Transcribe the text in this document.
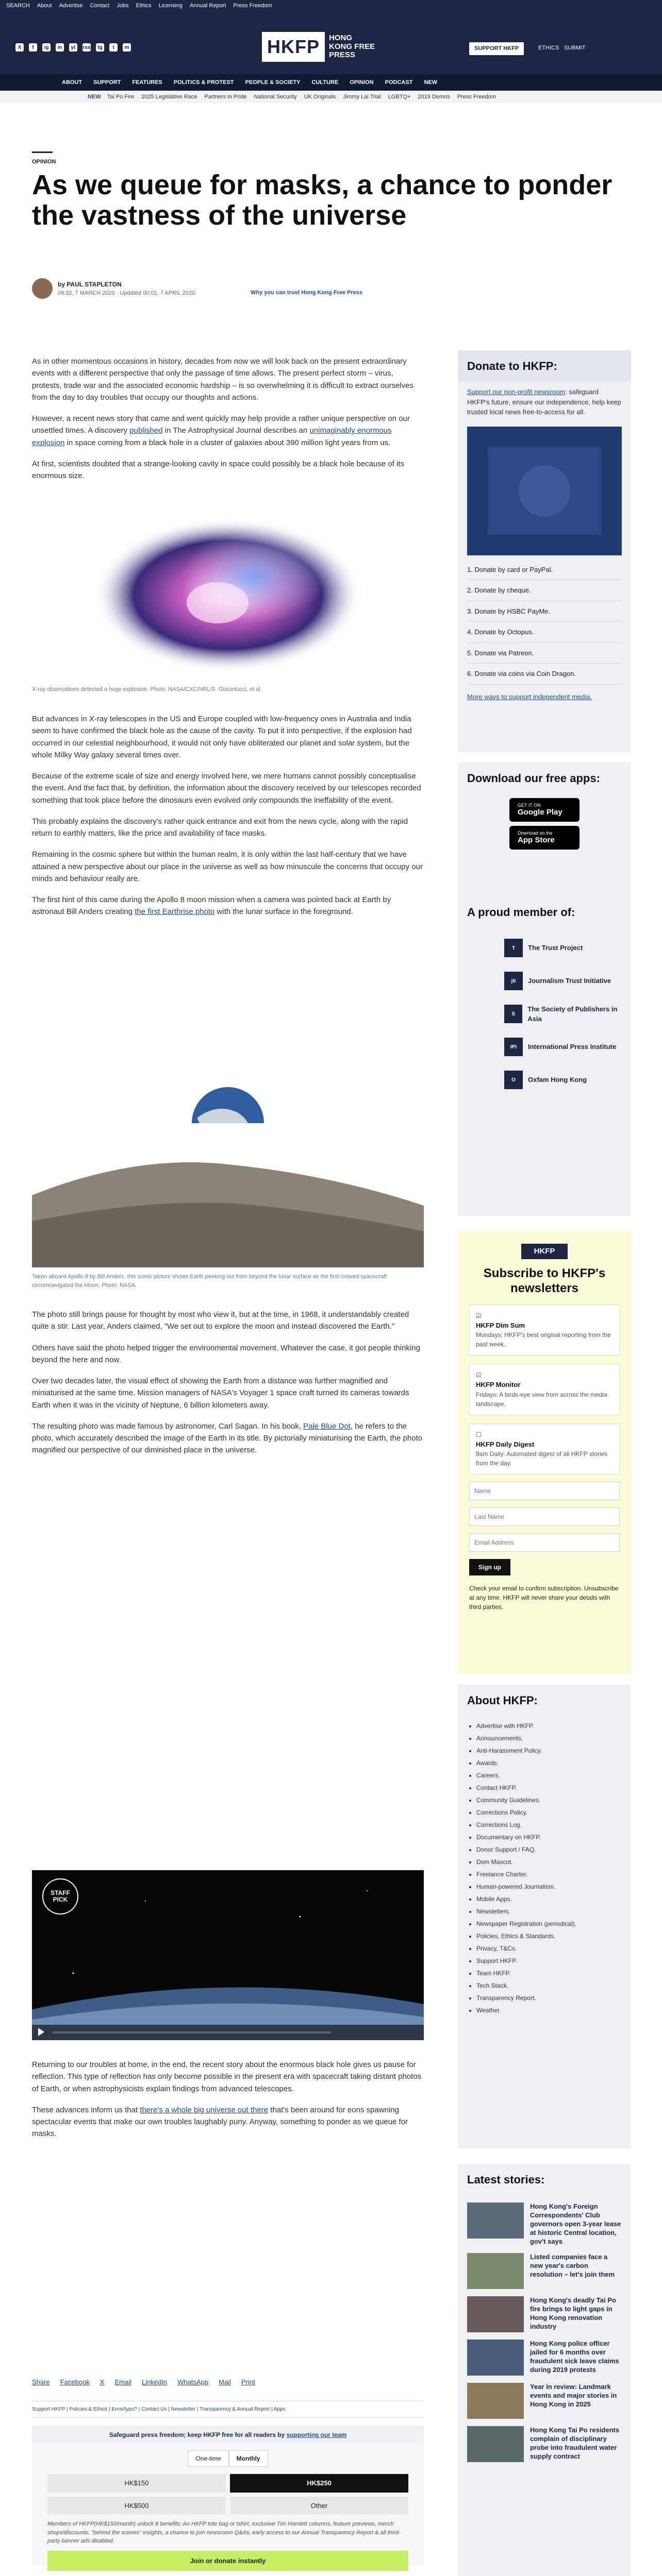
SEARCH About Advertise Contact Jobs Ethics Licensing Annual Report Press Freedom
X	f	ig	in	yt	rss	tg	t	m	HKFP	HONG KONG FREE PRESS
SUPPORT HKFP	ETHICS SUBMIT
ABOUT SUPPORT FEATURES POLITICS & PROTEST PEOPLE & SOCIETY CULTURE OPINION PODCAST NEW
NEW Tai Po Fire 2025 Legislative Race Partners in Pride National Security UK Originals Jimmy Lai Trial LGBTQ+ 2019 Demos Press Freedom
OPINION
As we queue for masks, a chance to ponder the vastness of the universe
by PAUL STAPLETON
09:32, 7 MARCH 2020 · Updated 00:02, 7 APRIL 2020	Why you can trust Hong Kong Free Press

As in other momentous occasions in history, decades from now we will look back on the present extraordinary events with a different perspective that only the passage of time allows. The present perfect storm – virus, protests, trade war and the associated economic hardship – is so overwhelming it is difficult to extract ourselves from the day to day troubles that occupy our thoughts and actions.

However, a recent news story that came and went quickly may help provide a rather unique perspective on our unsettled times. A discovery published in The Astrophysical Journal describes an unimaginably enormous explosion in space coming from a black hole in a cluster of galaxies about 390 million light years from us.

At first, scientists doubted that a strange-looking cavity in space could possibly be a black hole because of its enormous size.

X-ray observations detected a huge explosion. Photo: NASA/CXC/NRL/S. Giacintucci, et al.

But advances in X-ray telescopes in the US and Europe coupled with low-frequency ones in Australia and India seem to have confirmed the black hole as the cause of the cavity. To put it into perspective, if the explosion had occurred in our celestial neighbourhood, it would not only have obliterated our planet and solar system, but the whole Milky Way galaxy several times over.

Because of the extreme scale of size and energy involved here, we mere humans cannot possibly conceptualise the event. And the fact that, by definition, the information about the discovery received by our telescopes recorded something that took place before the dinosaurs even evolved only compounds the ineffability of the event.

This probably explains the discovery's rather quick entrance and exit from the news cycle, along with the rapid return to earthly matters, like the price and availability of face masks.

Remaining in the cosmic sphere but within the human realm, it is only within the last half-century that we have attained a new perspective about our place in the universe as well as how minuscule the concerns that occupy our minds and behaviour really are.

The first hint of this came during the Apollo 8 moon mission when a camera was pointed back at Earth by astronaut Bill Anders creating the first Earthrise photo with the lunar surface in the foreground.

Taken aboard Apollo 8 by Bill Anders, this iconic picture shows Earth peeking out from beyond the lunar surface as the first crewed spacecraft circumnavigated the Moon. Photo: NASA.

The photo still brings pause for thought by most who view it, but at the time, in 1968, it understandably created quite a stir. Last year, Anders claimed, "We set out to explore the moon and instead discovered the Earth."

Others have said the photo helped trigger the environmental movement. Whatever the case, it got people thinking beyond the here and now.

Over two decades later, the visual effect of showing the Earth from a distance was further magnified and miniaturised at the same time. Mission managers of NASA's Voyager 1 space craft turned its cameras towards Earth when it was in the vicinity of Neptune, 6 billion kilometers away.

The resulting photo was made famous by astronomer, Carl Sagan. In his book, Pale Blue Dot, he refers to the photo, which accurately described the image of the Earth in its title. By pictorially miniaturising the Earth, the photo magnified our perspective of our diminished place in the universe.

STAFF PICK

Returning to our troubles at home, in the end, the recent story about the enormous black hole gives us pause for reflection. This type of reflection has only become possible in the present era with spacecraft taking distant photos of Earth, or when astrophysicists explain findings from advanced telescopes.

These advances inform us that there's a whole big universe out there that's been around for eons spawning spectacular events that make our own troubles laughably puny. Anyway, something to ponder as we queue for masks.

Share Facebook X Email LinkedIn WhatsApp Mail Print
Support HKFP | Policies & Ethics | Error/typo? | Contact Us | Newsletter | Transparency & Annual Report | Apps
Safeguard press freedom; keep HKFP free for all readers by supporting our team
One-time	Monthly
HK$150	HK$250
HK$500	Other
Members of HKFP(HK$150/month) unlock 8 benefits: An HKFP tote bag or tshirt, exclusive Tim Hamlett columns, feature previews, merch shops/discounts, "behind the scenes" insights, a chance to join newsroom Q&As, early access to our Annual Transparency Report & all third-party banner ads disabled.
Join or donate instantly
Donate to HKFP:
Support our non-profit newsroom: safeguard HKFP's future, ensure our independence, help keep trusted local news free-to-access for all.
1. Donate by card or PayPal.
2. Donate by cheque.
3. Donate by HSBC PayMe.
4. Donate by Octopus.
5. Donate via Patreon.
6. Donate via coins via Coin Dragon.
More ways to support independent media.
Download our free apps:
GET IT ON
Google Play
Download on the
App Store
A proud member of:
T	The Trust Project
jti	Journalism Trust Initiative
S
The Society of Publishers in Asia
IPI	International Press Institute
O	Oxfam Hong Kong
HKFP
Subscribe to HKFP's newsletters
☑
HKFP Dim Sum
Mondays: HKFP's best original reporting from the past week.
☑
HKFP Monitor
Fridays: A birds-eye view from across the media landscape.
☐
HKFP Daily Digest
9am Daily: Automated digest of all HKFP stories from the day.
Name Last Name Email Address
Sign up
Check your email to confirm subscription. Unsubscribe at any time. HKFP will never share your details with third parties.
About HKFP:
• Advertise with HKFP.
• Announcements.
• Anti-Harassment Policy.
• Awards.
• Careers.
• Contact HKFP.
• Community Guidelines.
• Corrections Policy.
• Corrections Log.
• Documentary on HKFP.
• Donor Support / FAQ.
• Dom Mascot.
• Freelance Charter.
• Human-powered Journalism.
• Mobile Apps.
• Newsletters.
• Newspaper Registration (periodical).
• Policies, Ethics & Standards.
• Privacy, T&Cs.
• Support HKFP.
• Team HKFP.
• Tech Stack.
• Transparency Report.
• Weather.
Latest stories:
Hong Kong's Foreign Correspondents' Club governors open 3-year lease at historic Central location, gov't says
Listed companies face a new year's carbon resolution – let's join them
Hong Kong's deadly Tai Po fire brings to light gaps in Hong Kong renovation industry
Hong Kong police officer jailed for 6 months over fraudulent sick leave claims during 2019 protests
Year in review: Landmark events and major stories in Hong Kong in 2025
Hong Kong Tai Po residents complain of disciplinary probe into fraudulent water supply contract
